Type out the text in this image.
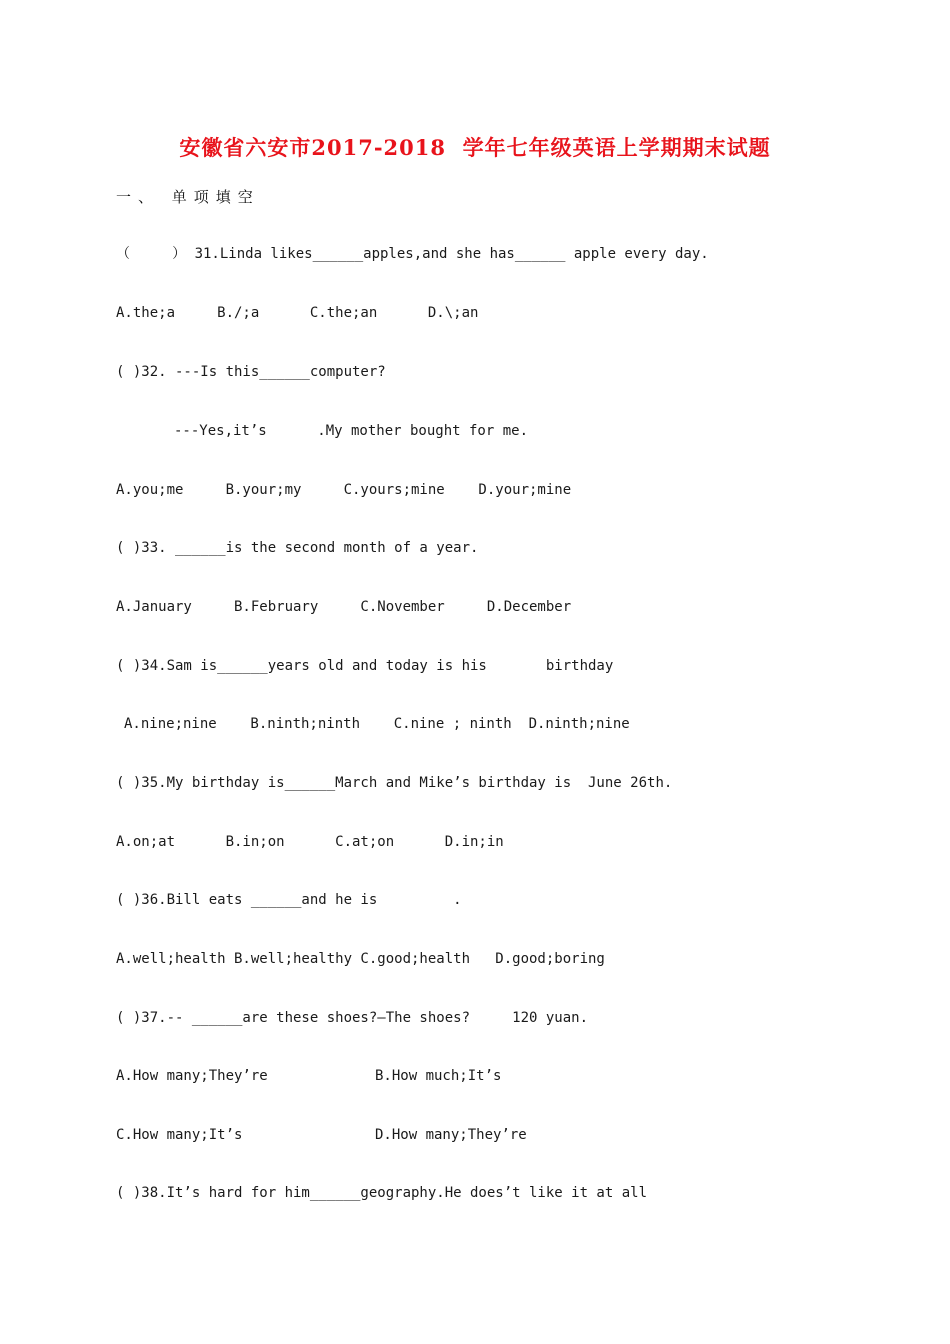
安徽省六安市2017-2018  学年七年级英语上学期期末试题
一、 单项填空
（     ） 31.Linda likes______apples,and she has______ apple every day.
A.the;a     B./;a      C.the;an      D.\;an
( )32. ---Is this______computer?
---Yes,it’s      .My mother bought for me.
A.you;me     B.your;my     C.yours;mine    D.your;mine
( )33. ______is the second month of a year.
A.January     B.February     C.November     D.December
( )34.Sam is______years old and today is his       birthday
A.nine;nine    B.ninth;ninth    C.nine ; ninth  D.ninth;nine
( )35.My birthday is______March and Mike’s birthday is  June 26th.
A.on;at      B.in;on      C.at;on      D.in;in
( )36.Bill eats ______and he is         .
A.well;health B.well;healthy C.good;health   D.good;boring
( )37.-- ______are these shoes?—The shoes?     120 yuan.
A.How many;They’re	B.How much;It’s
C.How many;It’s	D.How many;They’re
( )38.It’s hard for him______geography.He does’t like it at all
